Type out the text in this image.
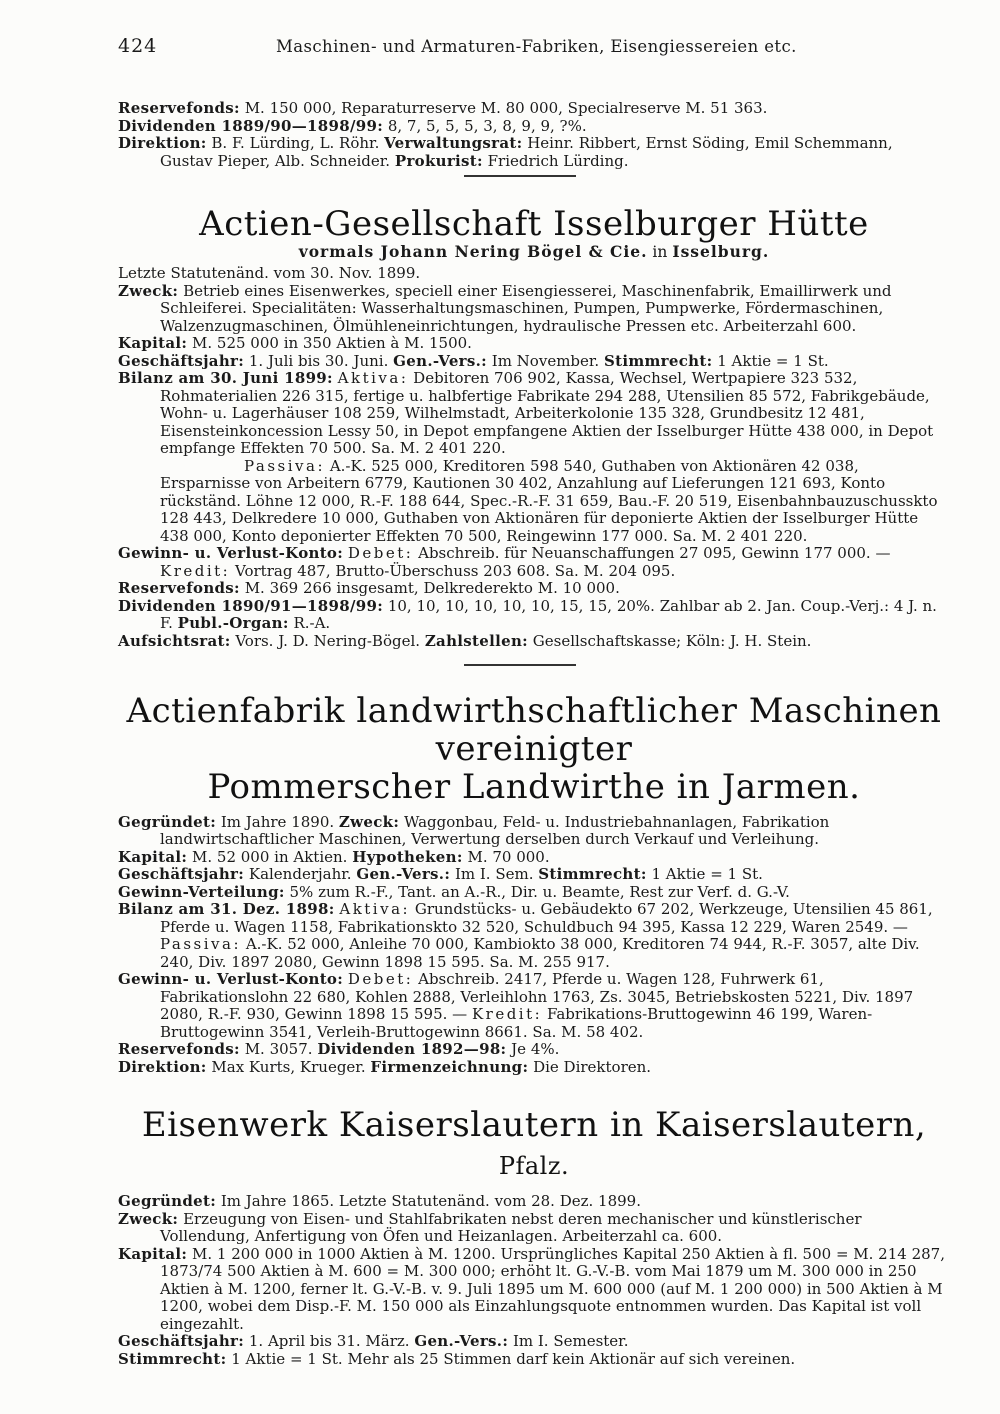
424	Maschinen- und Armaturen-Fabriken, Eisengiessereien etc.

Reservefonds: M. 150 000, Reparaturreserve M. 80 000, Specialreserve M. 51 363.

Dividenden 1889/90—1898/99: 8, 7, 5, 5, 5, 3, 8, 9, 9, ?%.

Direktion: B. F. Lürding, L. Röhr. Verwaltungsrat: Heinr. Ribbert, Ernst Söding, Emil Schemmann, Gustav Pieper, Alb. Schneider. Prokurist: Friedrich Lürding.

Actien-Gesellschaft Isselburger Hütte

vormals Johann Nering Bögel & Cie. in Isselburg.

Letzte Statutenänd. vom 30. Nov. 1899.

Zweck: Betrieb eines Eisenwerkes, speciell einer Eisengiesserei, Maschinenfabrik, Emaillirwerk und Schleiferei. Specialitäten: Wasserhaltungsmaschinen, Pumpen, Pumpwerke, Fördermaschinen, Walzenzugmaschinen, Ölmühleneinrichtungen, hydraulische Pressen etc. Arbeiterzahl 600.

Kapital: M. 525 000 in 350 Aktien à M. 1500.

Geschäftsjahr: 1. Juli bis 30. Juni. Gen.-Vers.: Im November. Stimmrecht: 1 Aktie = 1 St.

Bilanz am 30. Juni 1899: Aktiva: Debitoren 706 902, Kassa, Wechsel, Wertpapiere 323 532, Rohmaterialien 226 315, fertige u. halbfertige Fabrikate 294 288, Utensilien 85 572, Fabrikgebäude, Wohn- u. Lagerhäuser 108 259, Wilhelmstadt, Arbeiterkolonie 135 328, Grundbesitz 12 481, Eisensteinkoncession Lessy 50, in Depot empfangene Aktien der Isselburger Hütte 438 000, in Depot empfange Effekten 70 500. Sa. M. 2 401 220.

Passiva: A.-K. 525 000, Kreditoren 598 540, Guthaben von Aktionären 42 038, Ersparnisse von Arbeitern 6779, Kautionen 30 402, Anzahlung auf Lieferungen 121 693, Konto rückständ. Löhne 12 000, R.-F. 188 644, Spec.-R.-F. 31 659, Bau.-F. 20 519, Eisenbahnbauzuschusskto 128 443, Delkredere 10 000, Guthaben von Aktionären für deponierte Aktien der Isselburger Hütte 438 000, Konto deponierter Effekten 70 500, Reingewinn 177 000. Sa. M. 2 401 220.

Gewinn- u. Verlust-Konto: Debet: Abschreib. für Neuanschaffungen 27 095, Gewinn 177 000. — Kredit: Vortrag 487, Brutto-Überschuss 203 608. Sa. M. 204 095.

Reservefonds: M. 369 266 insgesamt, Delkrederekto M. 10 000.

Dividenden 1890/91—1898/99: 10, 10, 10, 10, 10, 10, 15, 15, 20%. Zahlbar ab 2. Jan. Coup.-Verj.: 4 J. n. F. Publ.-Organ: R.-A.

Aufsichtsrat: Vors. J. D. Nering-Bögel. Zahlstellen: Gesellschaftskasse; Köln: J. H. Stein.

Actienfabrik landwirthschaftlicher Maschinen vereinigter
Pommerscher Landwirthe in Jarmen.

Gegründet: Im Jahre 1890. Zweck: Waggonbau, Feld- u. Industriebahnanlagen, Fabrikation landwirtschaftlicher Maschinen, Verwertung derselben durch Verkauf und Verleihung.

Kapital: M. 52 000 in Aktien. Hypotheken: M. 70 000.

Geschäftsjahr: Kalenderjahr. Gen.-Vers.: Im I. Sem. Stimmrecht: 1 Aktie = 1 St.

Gewinn-Verteilung: 5% zum R.-F., Tant. an A.-R., Dir. u. Beamte, Rest zur Verf. d. G.-V.

Bilanz am 31. Dez. 1898: Aktiva: Grundstücks- u. Gebäudekto 67 202, Werkzeuge, Utensilien 45 861, Pferde u. Wagen 1158, Fabrikationskto 32 520, Schuldbuch 94 395, Kassa 12 229, Waren 2549. — Passiva: A.-K. 52 000, Anleihe 70 000, Kambiokto 38 000, Kreditoren 74 944, R.-F. 3057, alte Div. 240, Div. 1897 2080, Gewinn 1898 15 595. Sa. M. 255 917.

Gewinn- u. Verlust-Konto: Debet: Abschreib. 2417, Pferde u. Wagen 128, Fuhrwerk 61, Fabrikationslohn 22 680, Kohlen 2888, Verleihlohn 1763, Zs. 3045, Betriebskosten 5221, Div. 1897 2080, R.-F. 930, Gewinn 1898 15 595. — Kredit: Fabrikations-Bruttogewinn 46 199, Waren-Bruttogewinn 3541, Verleih-Bruttogewinn 8661. Sa. M. 58 402.

Reservefonds: M. 3057. Dividenden 1892—98: Je 4%.

Direktion: Max Kurts, Krueger. Firmenzeichnung: Die Direktoren.

Eisenwerk Kaiserslautern in Kaiserslautern, Pfalz.

Gegründet: Im Jahre 1865. Letzte Statutenänd. vom 28. Dez. 1899.

Zweck: Erzeugung von Eisen- und Stahlfabrikaten nebst deren mechanischer und künstlerischer Vollendung, Anfertigung von Öfen und Heizanlagen. Arbeiterzahl ca. 600.

Kapital: M. 1 200 000 in 1000 Aktien à M. 1200. Ursprüngliches Kapital 250 Aktien à fl. 500 = M. 214 287, 1873/74 500 Aktien à M. 600 = M. 300 000; erhöht lt. G.-V.-B. vom Mai 1879 um M. 300 000 in 250 Aktien à M. 1200, ferner lt. G.-V.-B. v. 9. Juli 1895 um M. 600 000 (auf M. 1 200 000) in 500 Aktien à M 1200, wobei dem Disp.-F. M. 150 000 als Einzahlungsquote entnommen wurden. Das Kapital ist voll eingezahlt.

Geschäftsjahr: 1. April bis 31. März. Gen.-Vers.: Im I. Semester.

Stimmrecht: 1 Aktie = 1 St. Mehr als 25 Stimmen darf kein Aktionär auf sich vereinen.
